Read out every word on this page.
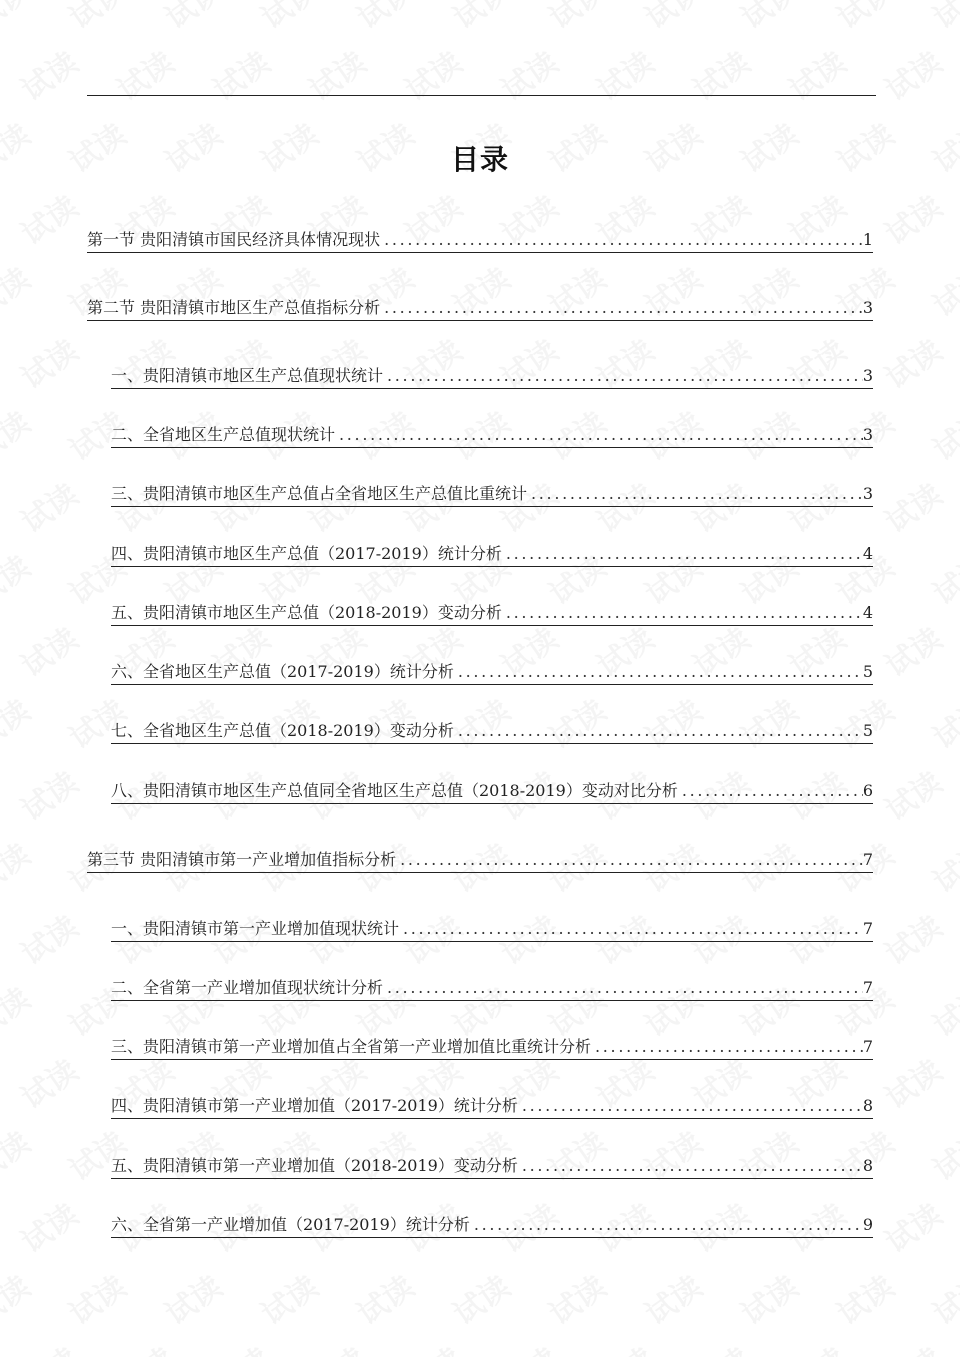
目录
第一节 贵阳清镇市国民经济具体情况现状 . . .	1
第二节 贵阳清镇市地区生产总值指标分析 . . .	3
一、贵阳清镇市地区生产总值现状统计 . . .	3
二、全省地区生产总值现状统计 . . .	3
三、贵阳清镇市地区生产总值占全省地区生产总值比重统计 . . .	3
四、贵阳清镇市地区生产总值（2017-2019）统计分析 . . .	4
五、贵阳清镇市地区生产总值（2018-2019）变动分析 . . .	4
六、全省地区生产总值（2017-2019）统计分析 . . .	5
七、全省地区生产总值（2018-2019）变动分析 . . .	5
八、贵阳清镇市地区生产总值同全省地区生产总值（2018-2019）变动对比分析 . . .	6
第三节 贵阳清镇市第一产业增加值指标分析 . . .	7
一、贵阳清镇市第一产业增加值现状统计 . . .	7
二、全省第一产业增加值现状统计分析 . . .	7
三、贵阳清镇市第一产业增加值占全省第一产业增加值比重统计分析 . . .	7
四、贵阳清镇市第一产业增加值（2017-2019）统计分析 . . .	8
五、贵阳清镇市第一产业增加值（2018-2019）变动分析 . . .	8
六、全省第一产业增加值（2017-2019）统计分析 . . .	9
